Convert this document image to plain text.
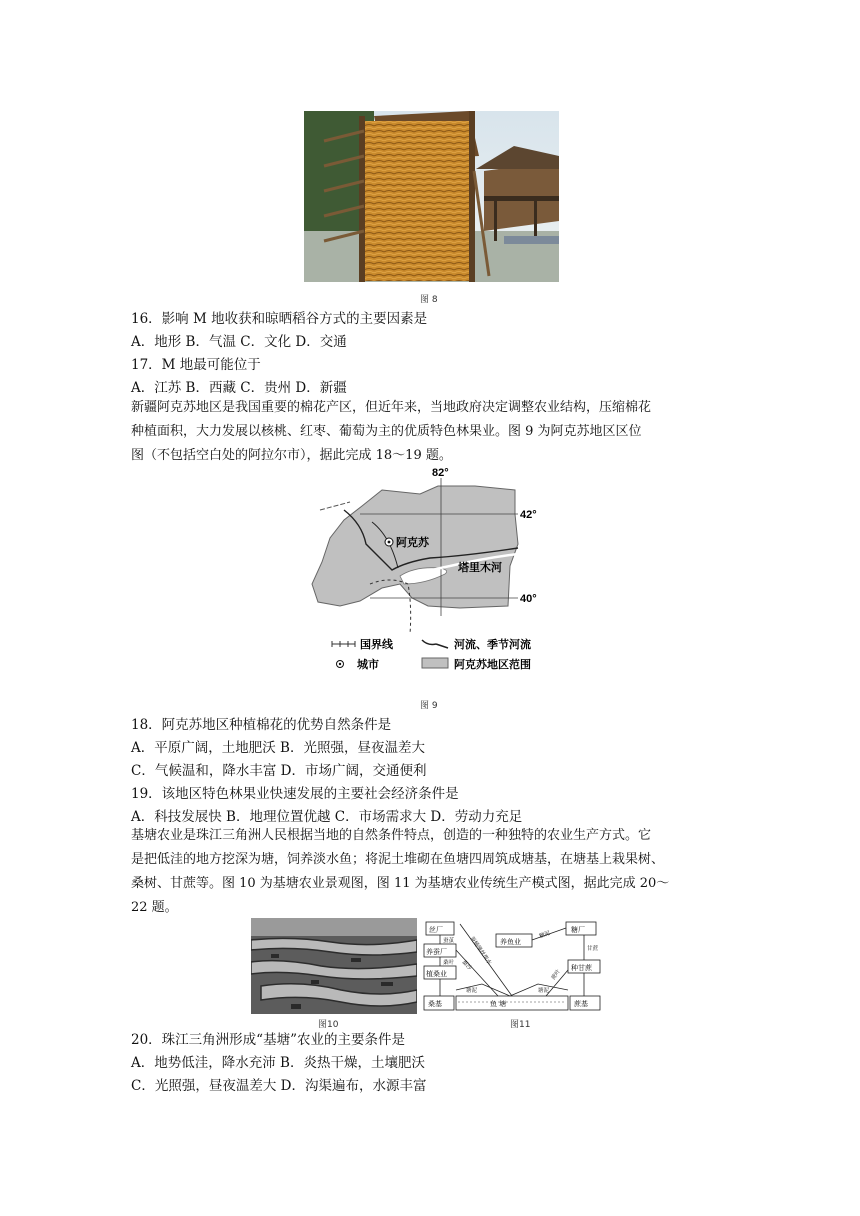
图 8
16．影响 M 地收获和晾晒稻谷方式的主要因素是
A．地形 B．气温 C．文化 D．交通
17．M 地最可能位于
A．江苏 B．西藏 C．贵州 D．新疆
新疆阿克苏地区是我国重要的棉花产区，但近年来，当地政府决定调整农业结构，压缩棉花
种植面积，大力发展以核桃、红枣、葡萄为主的优质特色林果业。图 9 为阿克苏地区区位
图（不包括空白处的阿拉尔市），据此完成 18～19 题。
82°
42°
40°
阿克苏
塔里木河
国界线	河流、季节河流
城市	阿克苏地区范围
图 9
18．阿克苏地区种植棉花的优势自然条件是
A．平原广阔，土地肥沃 B．光照强，昼夜温差大
C．气候温和，降水丰富 D．市场广阔，交通便利
19．该地区特色林果业快速发展的主要社会经济条件是
A．科技发展快 B．地理位置优越 C．市场需求大 D．劳动力充足
基塘农业是珠江三角洲人民根据当地的自然条件特点，创造的一种独特的农业生产方式。它
是把低洼的地方挖深为塘，饲养淡水鱼；将泥土堆砌在鱼塘四周筑成塘基，在塘基上栽果树、
桑树、甘蔗等。图 10 为基塘农业景观图，图 11 为基塘农业传统生产模式图，据此完成 20～
22 题。
图10
丝厂
养蚕厂
植桑业
养鱼业
糖厂
种甘蔗
桑基	蔗基
鱼 塘
蚕茧
桑叶	蚕蛹缫丝废水
蚕沙
塘泥	塘泥
蔗叶
糖泥
甘蔗
图11
20．珠江三角洲形成“基塘”农业的主要条件是
A．地势低洼，降水充沛 B．炎热干燥，土壤肥沃
C．光照强，昼夜温差大 D．沟渠遍布，水源丰富
